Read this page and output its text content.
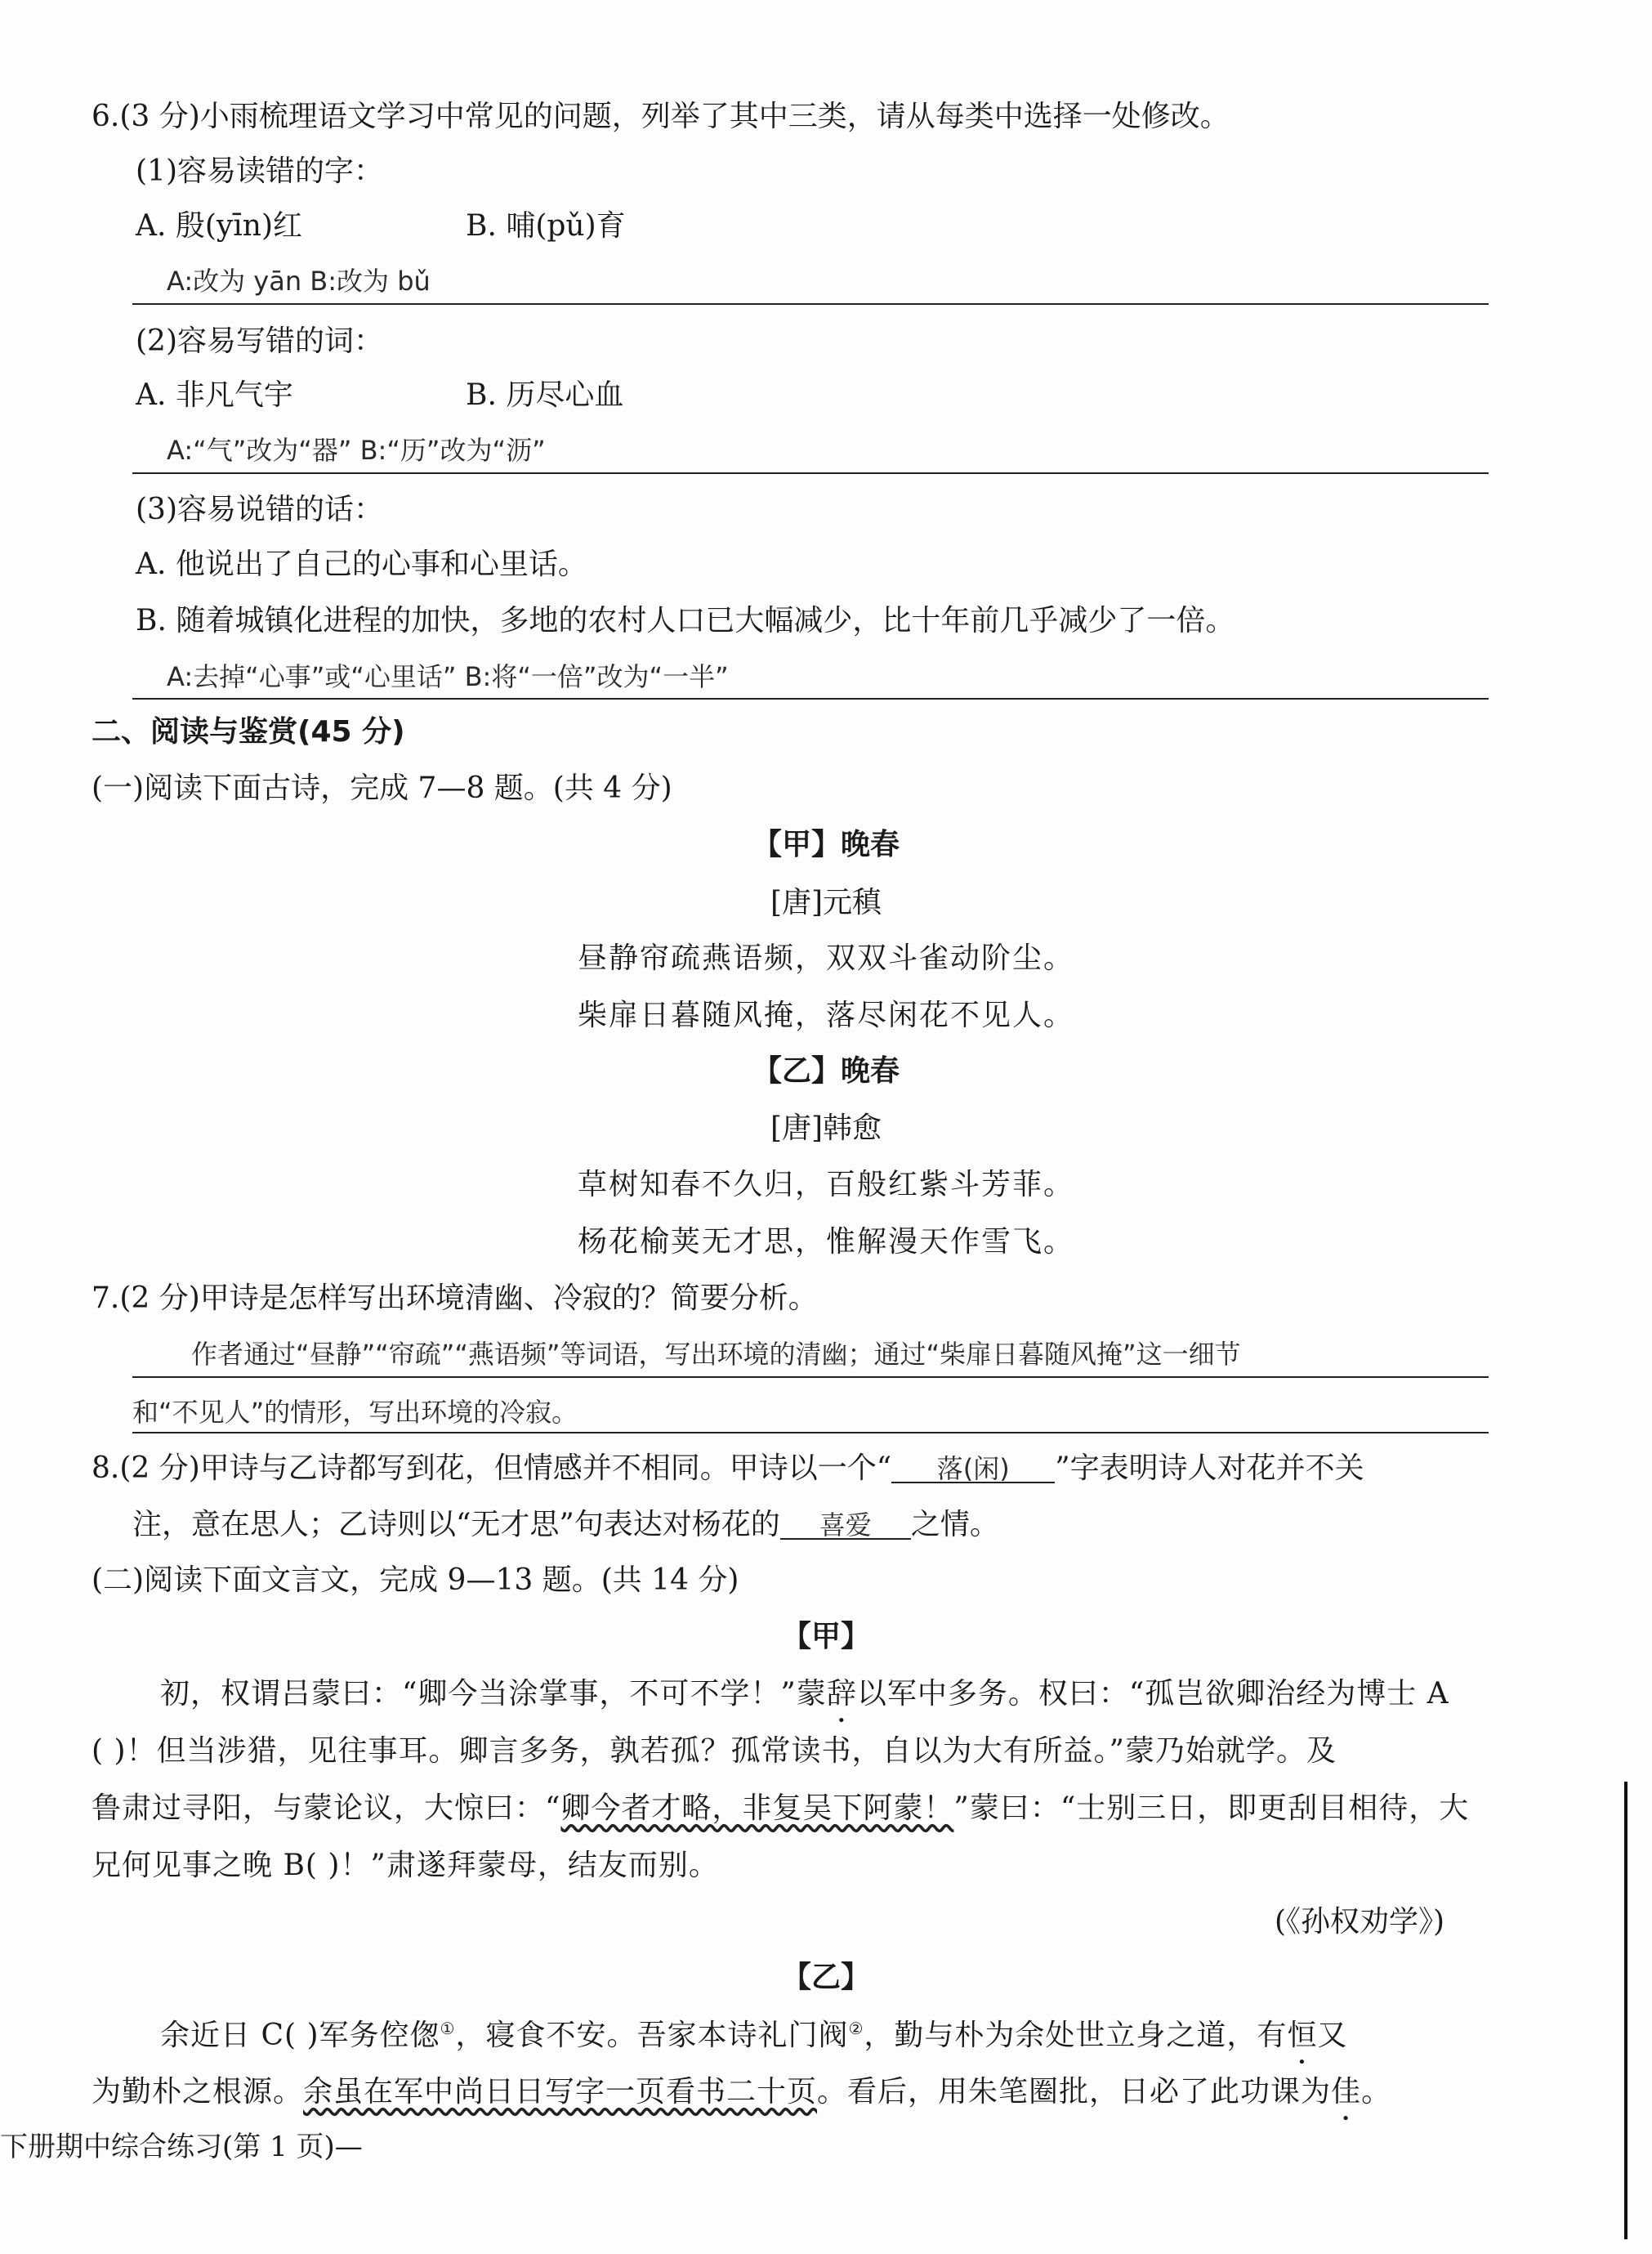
6.(3 分)小雨梳理语文学习中常见的问题，列举了其中三类，请从每类中选择一处修改。
(1)容易读错的字：
A. 殷(yīn)红	B. 哺(pǔ)育
A:改为 yān B:改为 bǔ
(2)容易写错的词：
A. 非凡气宇	B. 历尽心血
A:“气”改为“器” B:“历”改为“沥”
(3)容易说错的话：
A. 他说出了自己的心事和心里话。
B. 随着城镇化进程的加快，多地的农村人口已大幅减少，比十年前几乎减少了一倍。
A:去掉“心事”或“心里话” B:将“一倍”改为“一半”
二、阅读与鉴赏(45 分)
(一)阅读下面古诗，完成 7—8 题。(共 4 分)
【甲】晚春
[唐]元稹
昼静帘疏燕语频，双双斗雀动阶尘。
柴扉日暮随风掩，落尽闲花不见人。
【乙】晚春
[唐]韩愈
草树知春不久归，百般红紫斗芳菲。
杨花榆荚无才思，惟解漫天作雪飞。
7.(2 分)甲诗是怎样写出环境清幽、冷寂的？简要分析。
作者通过“昼静”“帘疏”“燕语频”等词语，写出环境的清幽；通过“柴扉日暮随风掩”这一细节
和“不见人”的情形，写出环境的冷寂。
8.(2 分)甲诗与乙诗都写到花，但情感并不相同。甲诗以一个“ 落(闲) ”字表明诗人对花并不关
注，意在思人；乙诗则以“无才思”句表达对杨花的 喜爱 之情。
(二)阅读下面文言文，完成 9—13 题。(共 14 分)
【甲】
初，权谓吕蒙曰：“卿今当涂掌事，不可不学！”蒙辞以军中多务。权曰：“孤岂欲卿治经为博士 A
( )！但当涉猎，见往事耳。卿言多务，孰若孤？孤常读书，自以为大有所益。”蒙乃始就学。及
鲁肃过寻阳，与蒙论议，大惊曰：“卿今者才略，非复吴下阿蒙！”蒙曰：“士别三日，即更刮目相待，大
兄何见事之晚 B( )！”肃遂拜蒙母，结友而别。
(《孙权劝学》)
【乙】
余近日 C( )军务倥偬①，寝食不安。吾家本诗礼门阀②，勤与朴为余处世立身之道，有恒又
为勤朴之根源。余虽在军中尚日日写字一页看书二十页。看后，用朱笔圈批，日必了此功课为佳。
下册期中综合练习(第 1 页)—
